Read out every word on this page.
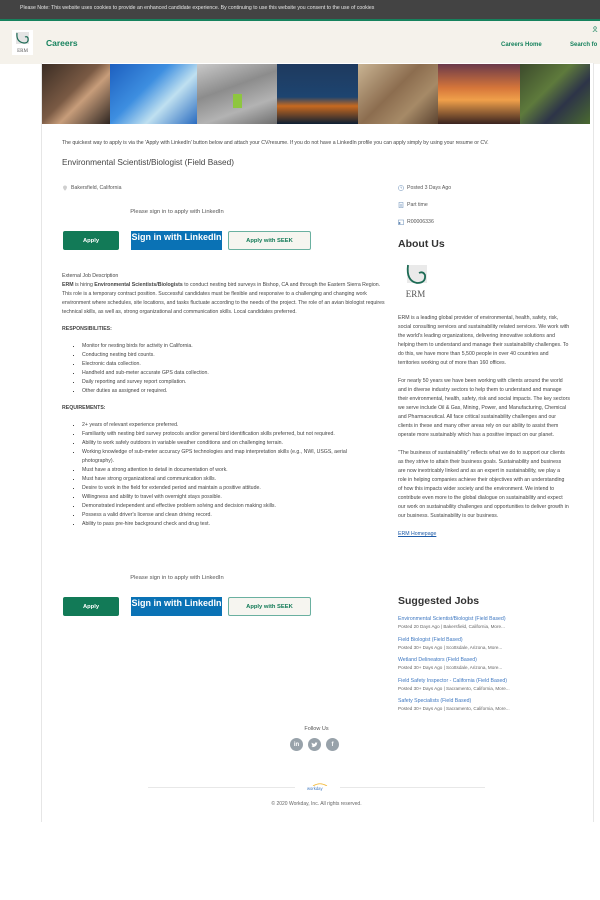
Please Note: This website uses cookies to provide an enhanced candidate experience. By continuing to use this website you consent to the use of cookies
ERM
Careers	Careers Home	Search fo
The quickest way to apply is via the 'Apply with LinkedIn' button below and attach your CV/resume. If you do not have a LinkedIn profile you can apply simply by using your resume or CV.
Environmental Scientist/Biologist (Field Based)
Bakersfield, California	Posted 3 Days Ago
Part time
R00006336
Please sign in to apply with LinkedIn
Apply	Sign in with LinkedIn	Apply with SEEK

External Job Description

ERM is hiring Environmental Scientists/Biologists to conduct nesting bird surveys in Bishop, CA and through the Eastern Sierra Region. This role is a temporary contract position. Successful candidates must be flexible and responsive to a challenging and changing work environment where schedules, site locations, and tasks fluctuate according to the needs of the project. The role of an avian biologist requires technical skills, as well as, strong organizational and communication skills. Local candidates preferred.

RESPONSIBILITIES:

▪ Monitor for nesting birds for activity in California.
▪ Conducting nesting bird counts.
▪ Electronic data collection.
▪ Handheld and sub-meter accurate GPS data collection.
▪ Daily reporting and survey report compilation.
▪ Other duties as assigned or required.

REQUIREMENTS:

▪ 2+ years of relevant experience preferred.
▪ Familiarity with nesting bird survey protocols and/or general bird identification skills preferred, but not required.
▪ Ability to work safely outdoors in variable weather conditions and on challenging terrain.
▪ Working knowledge of sub-meter accuracy GPS technologies and map interpretation skills (e.g., NWI, USGS, aerial photography).
▪ Must have a strong attention to detail in documentation of work.
▪ Must have strong organizational and communication skills.
▪ Desire to work in the field for extended period and maintain a positive attitude.
▪ Willingness and ability to travel with overnight stays possible.
▪ Demonstrated independent and effective problem solving and decision making skills.
▪ Possess a valid driver's license and clean driving record.
▪ Ability to pass pre-hire background check and drug test.
Please sign in to apply with LinkedIn
Apply	Sign in with LinkedIn	Apply with SEEK
About Us
ERM

ERM is a leading global provider of environmental, health, safety, risk, social consulting services and sustainability related services. We work with the world's leading organizations, delivering innovative solutions and helping them to understand and manage their sustainability challenges. To do this, we have more than 5,500 people in over 40 countries and territories working out of more than 160 offices.

For nearly 50 years we have been working with clients around the world and in diverse industry sectors to help them to understand and manage their environmental, health, safety, risk and social impacts. The key sectors we serve include Oil & Gas, Mining, Power, and Manufacturing, Chemical and Pharmaceutical. All face critical sustainability challenges and our clients in these and many other areas rely on our ability to assist them operate more sustainably which has a positive impact on our planet.

"The business of sustainability" reflects what we do to support our clients as they strive to attain their business goals. Sustainability and business are now inextricably linked and as an expert in sustainability, we play a role in helping companies achieve their objectives with an understanding of how this impacts wider society and the environment. We intend to contribute even more to the global dialogue on sustainability and expect our work on sustainability challenges and opportunities to deliver growth in our business. Sustainability is our business.

ERM Homepage
Suggested Jobs
Environmental Scientist/Biologist (Field Based)
Posted 20 Days Ago | Bakersfield, California, More...
Field Biologist (Field Based)
Posted 30+ Days Ago | Scottsdale, Arizona, More...
Wetland Delineators (Field Based)
Posted 30+ Days Ago | Scottsdale, Arizona, More...
Field Safety Inspector - California (Field Based)
Posted 30+ Days Ago | Sacramento, California, More...
Safety Specialists (Field Based)
Posted 30+ Days Ago | Sacramento, California, More...
Follow Us
in	f
workday
© 2020 Workday, Inc. All rights reserved.
